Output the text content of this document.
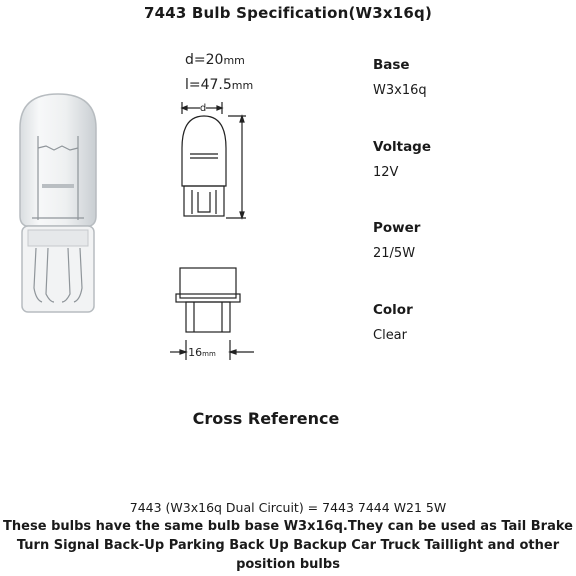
7443 Bulb Specification(W3x16q)
d=20mm
l=47.5mm
d
16mm
Base
W3x16q
Voltage
12V
Power
21/5W
Color
Clear
Cross Reference
7443 (W3x16q Dual Circuit) = 7443 7444 W21 5W
These bulbs have the same bulb base W3x16q.They can be used as Tail Brake Turn Signal Back-Up Parking Back Up Backup Car Truck Taillight and other position bulbs
